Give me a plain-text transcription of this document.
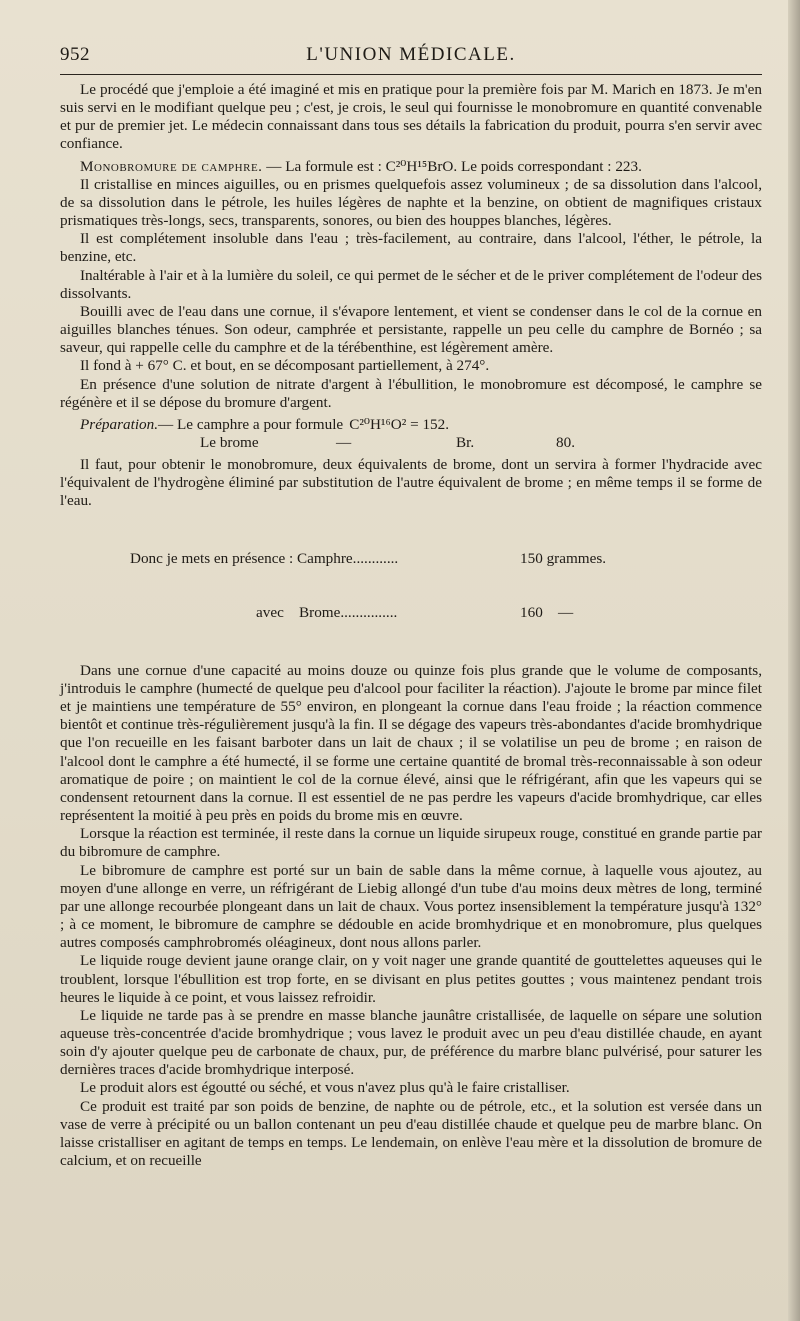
952	L'UNION MÉDICALE.

Le procédé que j'emploie a été imaginé et mis en pratique pour la première fois par M. Marich en 1873. Je m'en suis servi en le modifiant quelque peu ; c'est, je crois, le seul qui fournisse le monobromure en quantité convenable et pur de premier jet. Le médecin connaissant dans tous ses détails la fabrication du produit, pourra s'en servir avec confiance.

Monobromure de camphre. — La formule est : C²⁰H¹⁵BrO. Le poids correspondant : 223.

Il cristallise en minces aiguilles, ou en prismes quelquefois assez volumineux ; de sa dissolution dans l'alcool, de sa dissolution dans le pétrole, les huiles légères de naphte et la benzine, on obtient de magnifiques cristaux prismatiques très-longs, secs, transparents, sonores, ou bien des houppes blanches, légères.

Il est complétement insoluble dans l'eau ; très-facilement, au contraire, dans l'alcool, l'éther, le pétrole, la benzine, etc.

Inaltérable à l'air et à la lumière du soleil, ce qui permet de le sécher et de le priver complétement de l'odeur des dissolvants.

Bouilli avec de l'eau dans une cornue, il s'évapore lentement, et vient se condenser dans le col de la cornue en aiguilles blanches ténues. Son odeur, camphrée et persistante, rappelle un peu celle du camphre de Bornéo ; sa saveur, qui rappelle celle du camphre et de la térébenthine, est légèrement amère.

Il fond à + 67° C. et bout, en se décomposant partiellement, à 274°.

En présence d'une solution de nitrate d'argent à l'ébullition, le monobromure est décomposé, le camphre se régénère et il se dépose du bromure d'argent.

Préparation. — Le camphre a pour formule C²⁰H¹⁶O² = 152.
Le brome	—	Br.	80.

Il faut, pour obtenir le monobromure, deux équivalents de brome, dont un servira à former l'hydracide avec l'équivalent de l'hydrogène éliminé par substitution de l'autre équivalent de brome ; en même temps il se forme de l'eau.

Donc je mets en présence : Camphre............	150 grammes.

avec    Brome...............	160    —

Dans une cornue d'une capacité au moins douze ou quinze fois plus grande que le volume de composants, j'introduis le camphre (humecté de quelque peu d'alcool pour faciliter la réaction). J'ajoute le brome par mince filet et je maintiens une température de 55° environ, en plongeant la cornue dans l'eau froide ; la réaction commence bientôt et continue très-régulièrement jusqu'à la fin. Il se dégage des vapeurs très-abondantes d'acide bromhydrique que l'on recueille en les faisant barboter dans un lait de chaux ; il se volatilise un peu de brome ; en raison de l'alcool dont le camphre a été humecté, il se forme une certaine quantité de bromal très-reconnaissable à son odeur aromatique de poire ; on maintient le col de la cornue élevé, ainsi que le réfrigérant, afin que les vapeurs qui se condensent retournent dans la cornue. Il est essentiel de ne pas perdre les vapeurs d'acide bromhydrique, car elles représentent la moitié à peu près en poids du brome mis en œuvre.

Lorsque la réaction est terminée, il reste dans la cornue un liquide sirupeux rouge, constitué en grande partie par du bibromure de camphre.

Le bibromure de camphre est porté sur un bain de sable dans la même cornue, à laquelle vous ajoutez, au moyen d'une allonge en verre, un réfrigérant de Liebig allongé d'un tube d'au moins deux mètres de long, terminé par une allonge recourbée plongeant dans un lait de chaux. Vous portez insensiblement la température jusqu'à 132° ; à ce moment, le bibromure de camphre se dédouble en acide bromhydrique et en monobromure, plus quelques autres composés camphrobromés oléagineux, dont nous allons parler.

Le liquide rouge devient jaune orange clair, on y voit nager une grande quantité de gouttelettes aqueuses qui le troublent, lorsque l'ébullition est trop forte, en se divisant en plus petites gouttes ; vous maintenez pendant trois heures le liquide à ce point, et vous laissez refroidir.

Le liquide ne tarde pas à se prendre en masse blanche jaunâtre cristallisée, de laquelle on sépare une solution aqueuse très-concentrée d'acide bromhydrique ; vous lavez le produit avec un peu d'eau distillée chaude, en ayant soin d'y ajouter quelque peu de carbonate de chaux, pur, de préférence du marbre blanc pulvérisé, pour saturer les dernières traces d'acide bromhydrique interposé.

Le produit alors est égoutté ou séché, et vous n'avez plus qu'à le faire cristalliser.

Ce produit est traité par son poids de benzine, de naphte ou de pétrole, etc., et la solution est versée dans un vase de verre à précipité ou un ballon contenant un peu d'eau distillée chaude et quelque peu de marbre blanc. On laisse cristalliser en agitant de temps en temps. Le lendemain, on enlève l'eau mère et la dissolution de bromure de calcium, et on recueille
